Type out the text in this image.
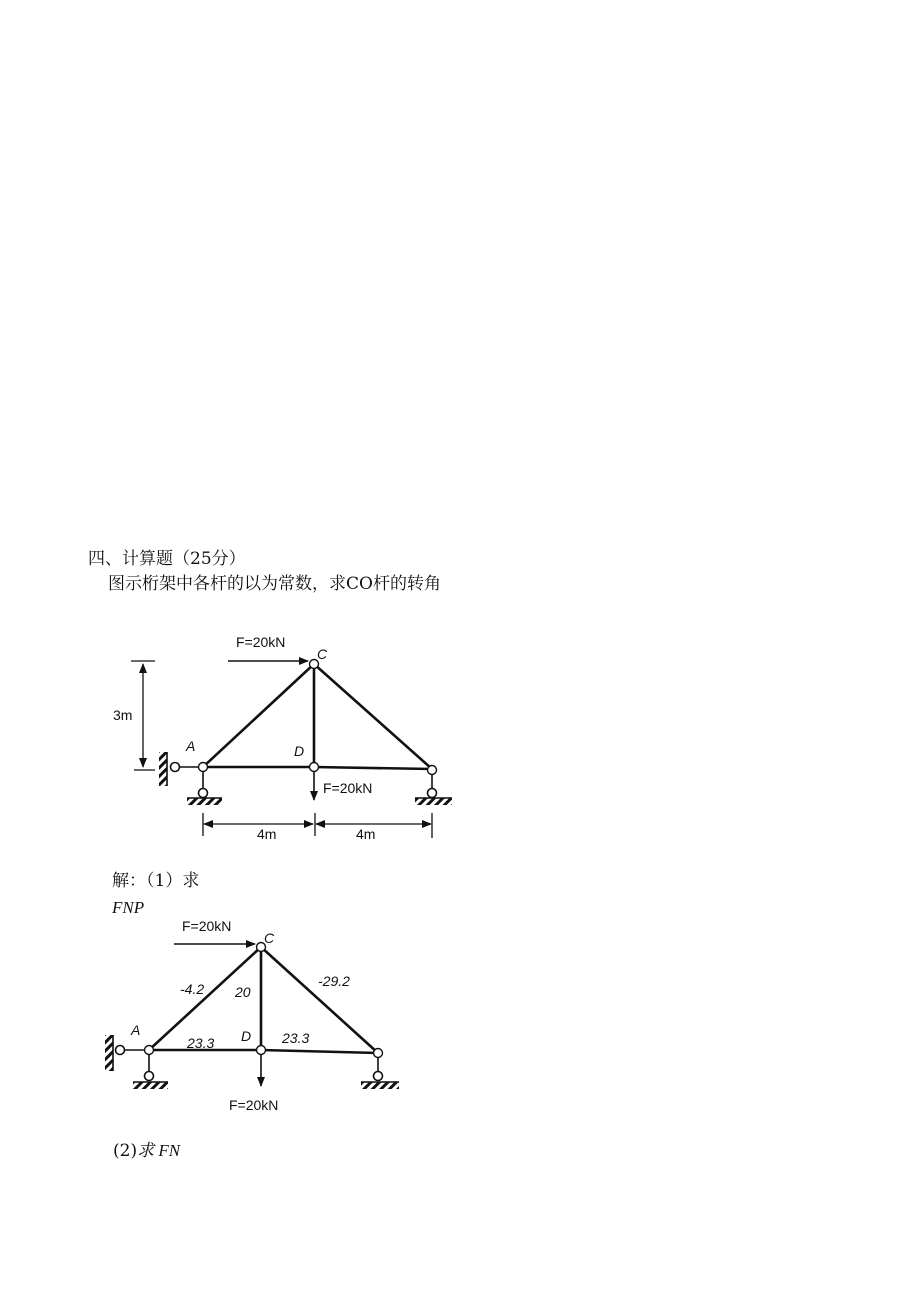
四、计算题（25分）
图示桁架中各杆的以为常数，求CO杆的转角
F=20kN
C
A	D
F=20kN
3m
4m	4m
解：（1）求
FNP
F=20kN
C
A	D
-4.2 20
-29.2
23.3	23.3
F=20kN
(2)求 FN
